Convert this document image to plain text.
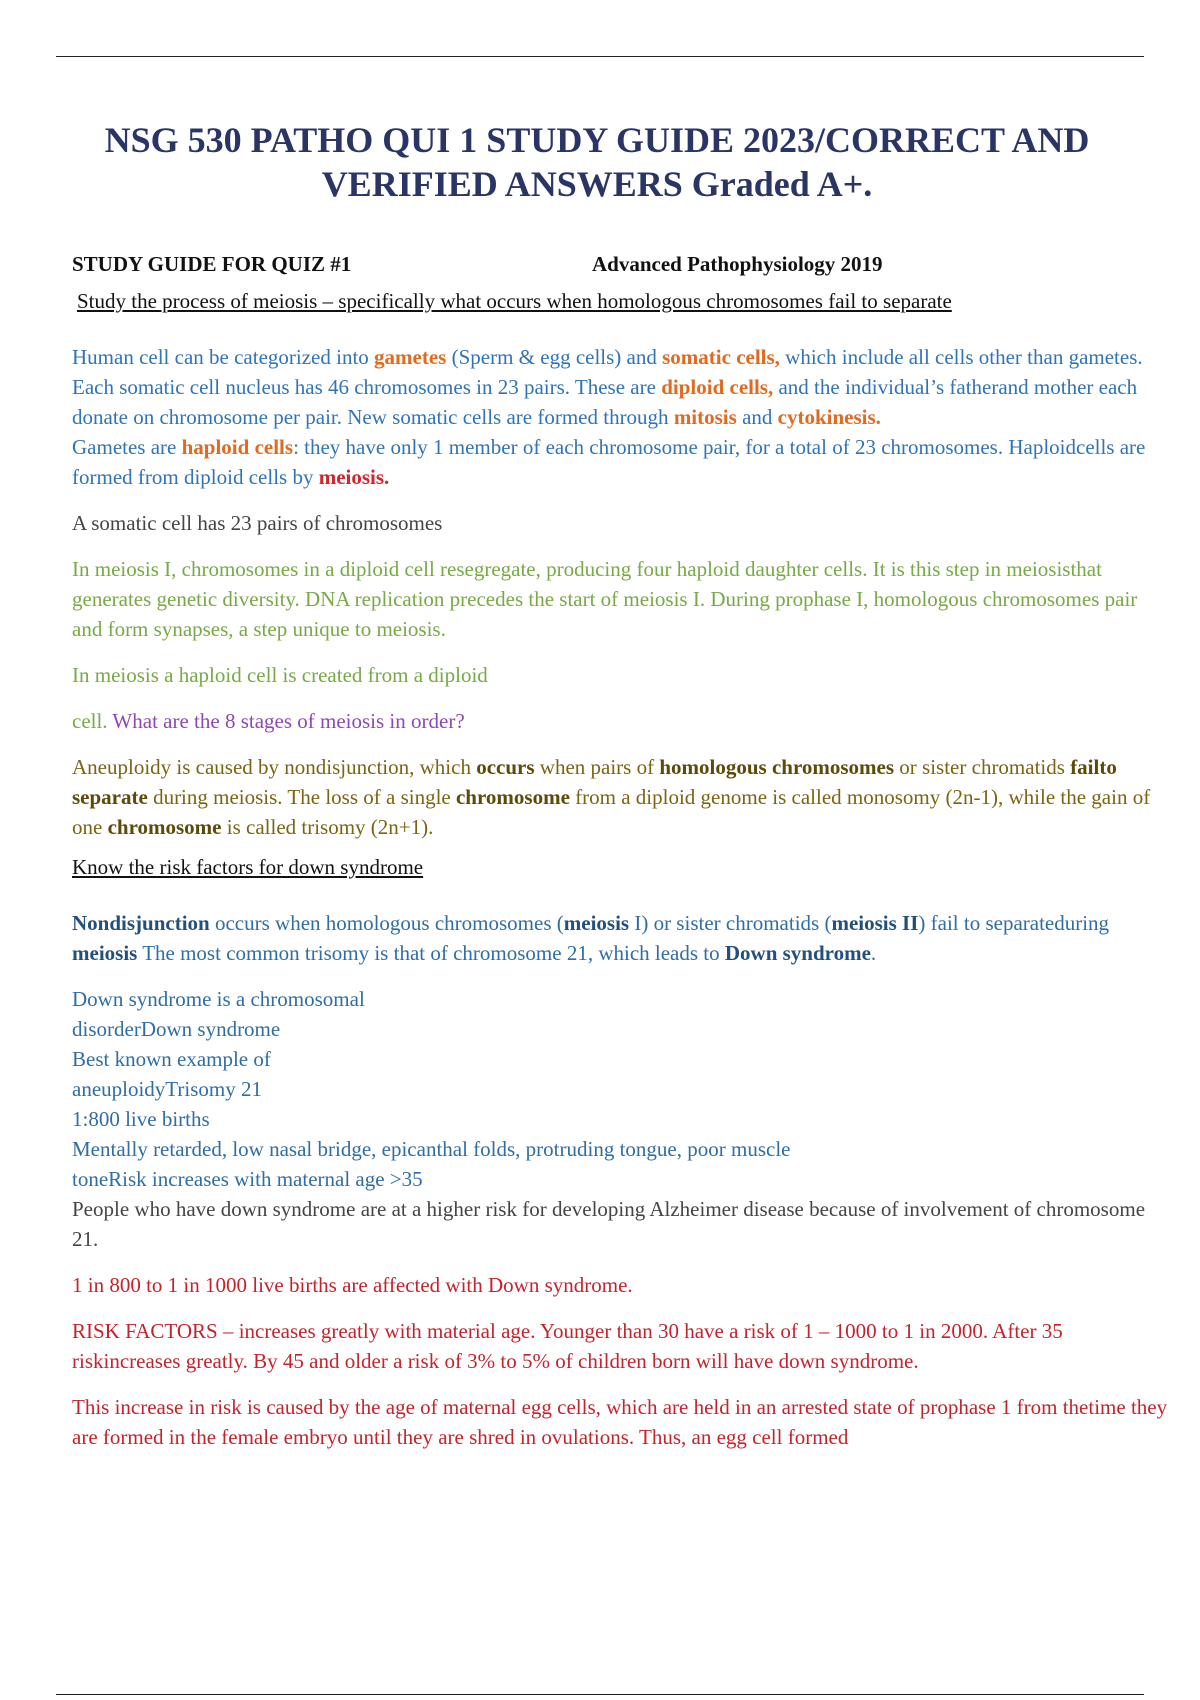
NSG 530 PATHO QUI 1 STUDY GUIDE 2023/CORRECT AND VERIFIED ANSWERS Graded A+.
STUDY GUIDE FOR QUIZ #1	Advanced Pathophysiology 2019

Study the process of meiosis – specifically what occurs when homologous chromosomes fail to separate

Human cell can be categorized into gametes (Sperm & egg cells) and somatic cells, which include all cells other than gametes. Each somatic cell nucleus has 46 chromosomes in 23 pairs. These are diploid cells, and the individual’s fatherand mother each donate on chromosome per pair. New somatic cells are formed through mitosis and cytokinesis.

Gametes are haploid cells: they have only 1 member of each chromosome pair, for a total of 23 chromosomes. Haploidcells are formed from diploid cells by meiosis.

A somatic cell has 23 pairs of chromosomes

In meiosis I, chromosomes in a diploid cell resegregate, producing four haploid daughter cells. It is this step in meiosisthat generates genetic diversity. DNA replication precedes the start of meiosis I. During prophase I, homologous chromosomes pair and form synapses, a step unique to meiosis.

In meiosis a haploid cell is created from a diploid

cell. What are the 8 stages of meiosis in order?

Aneuploidy is caused by nondisjunction, which occurs when pairs of homologous chromosomes or sister chromatids failto separate during meiosis. The loss of a single chromosome from a diploid genome is called monosomy (2n-1), while the gain of one chromosome is called trisomy (2n+1).

Know the risk factors for down syndrome

Nondisjunction occurs when homologous chromosomes (meiosis I) or sister chromatids (meiosis II) fail to separateduring meiosis The most common trisomy is that of chromosome 21, which leads to Down syndrome.

Down syndrome is a chromosomal

disorderDown syndrome

Best known example of

aneuploidyTrisomy 21

1:800 live births

Mentally retarded, low nasal bridge, epicanthal folds, protruding tongue, poor muscle

toneRisk increases with maternal age >35

People who have down syndrome are at a higher risk for developing Alzheimer disease because of involvement of chromosome 21.

1 in 800 to 1 in 1000 live births are affected with Down syndrome.

RISK FACTORS – increases greatly with material age. Younger than 30 have a risk of 1 – 1000 to 1 in 2000. After 35 riskincreases greatly. By 45 and older a risk of 3% to 5% of children born will have down syndrome.

This increase in risk is caused by the age of maternal egg cells, which are held in an arrested state of prophase 1 from thetime they are formed in the female embryo until they are shred in ovulations. Thus, an egg cell formed
